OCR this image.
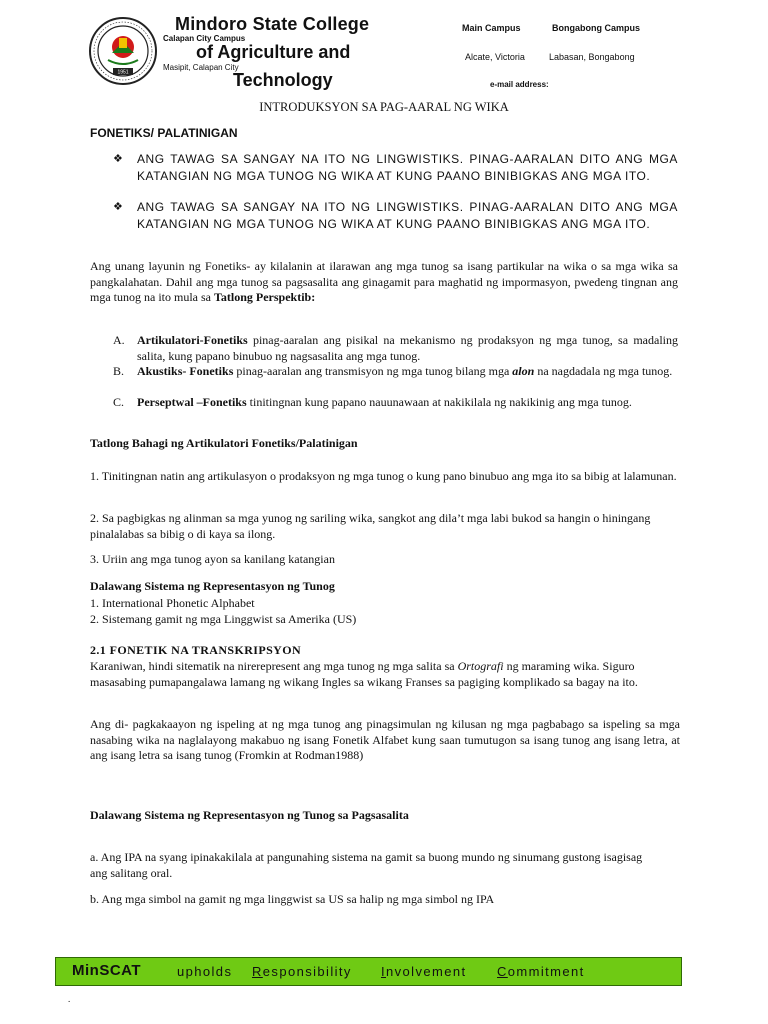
1951
Mindoro State College
Calapan City Campus
of Agriculture and
Masipit, Calapan City
Technology
Main Campus	Bongabong Campus
Alcate, Victoria	Labasan, Bongabong
e-mail address:
INTRODUKSYON SA PAG-AARAL NG WIKA
FONETIKS/ PALATINIGAN
❖ ANG TAWAG SA SANGAY NA ITO NG LINGWISTIKS. PINAG-AARALAN DITO ANG MGA KATANGIAN NG MGA TUNOG NG WIKA AT KUNG PAANO BINIBIGKAS ANG MGA ITO.
❖ ANG TAWAG SA SANGAY NA ITO NG LINGWISTIKS. PINAG-AARALAN DITO ANG MGA KATANGIAN NG MGA TUNOG NG WIKA AT KUNG PAANO BINIBIGKAS ANG MGA ITO.
Ang unang layunin ng Fonetiks- ay kilalanin at ilarawan ang mga tunog sa isang partikular na wika o sa mga wika sa pangkalahatan. Dahil ang mga tunog sa pagsasalita ang ginagamit para maghatid ng impormasyon, pwedeng tingnan ang mga tunog na ito mula sa Tatlong Perspektib:
A. Artikulatori-Fonetiks pinag-aaralan ang pisikal na mekanismo ng prodaksyon ng mga tunog, sa madaling salita, kung papano binubuo ng nagsasalita ang mga tunog.
B. Akustiks- Fonetiks pinag-aaralan ang transmisyon ng mga tunog bilang mga alon na nagdadala ng mga tunog.
C. Perseptwal –Fonetiks tinitingnan kung papano nauunawaan at nakikilala ng nakikinig ang mga tunog.
Tatlong Bahagi ng Artikulatori Fonetiks/Palatinigan
1. Tinitingnan natin ang artikulasyon o prodaksyon ng mga tunog o kung pano binubuo ang mga ito sa bibig at lalamunan.
2. Sa pagbigkas ng alinman sa mga yunog ng sariling wika, sangkot ang dila’t mga labi bukod sa hangin o hiningang pinalalabas sa bibig o di kaya sa ilong.
3. Uriin ang mga tunog ayon sa kanilang katangian
Dalawang Sistema ng Representasyon ng Tunog
1. International Phonetic Alphabet
2. Sistemang gamit ng mga Linggwist sa Amerika (US)
2.1 FONETIK NA TRANSKRIPSYON
Karaniwan, hindi sitematik na nirerepresent ang mga tunog ng mga salita sa Ortografi ng maraming wika. Siguro masasabing pumapangalawa lamang ng wikang Ingles sa wikang Franses sa pagiging komplikado sa bagay na ito.
Ang di- pagkakaayon ng ispeling at ng mga tunog ang pinagsimulan ng kilusan ng mga pagbabago sa ispeling sa mga nasabing wika na naglalayong makabuo ng isang Fonetik Alfabet kung saan tumutugon sa isang tunog ang isang letra, at ang isang letra sa isang tunog (Fromkin at Rodman1988)
Dalawang Sistema ng Representasyon ng Tunog sa Pagsasalita
a. Ang IPA na syang ipinakakilala at pangunahing sistema na gamit sa buong mundo ng sinumang gustong isagisag ang salitang oral.
b. Ang mga simbol na gamit ng mga linggwist sa US sa halip ng mga simbol ng IPA
MinSCAT	upholds Responsibility Involvement Commitment
.
